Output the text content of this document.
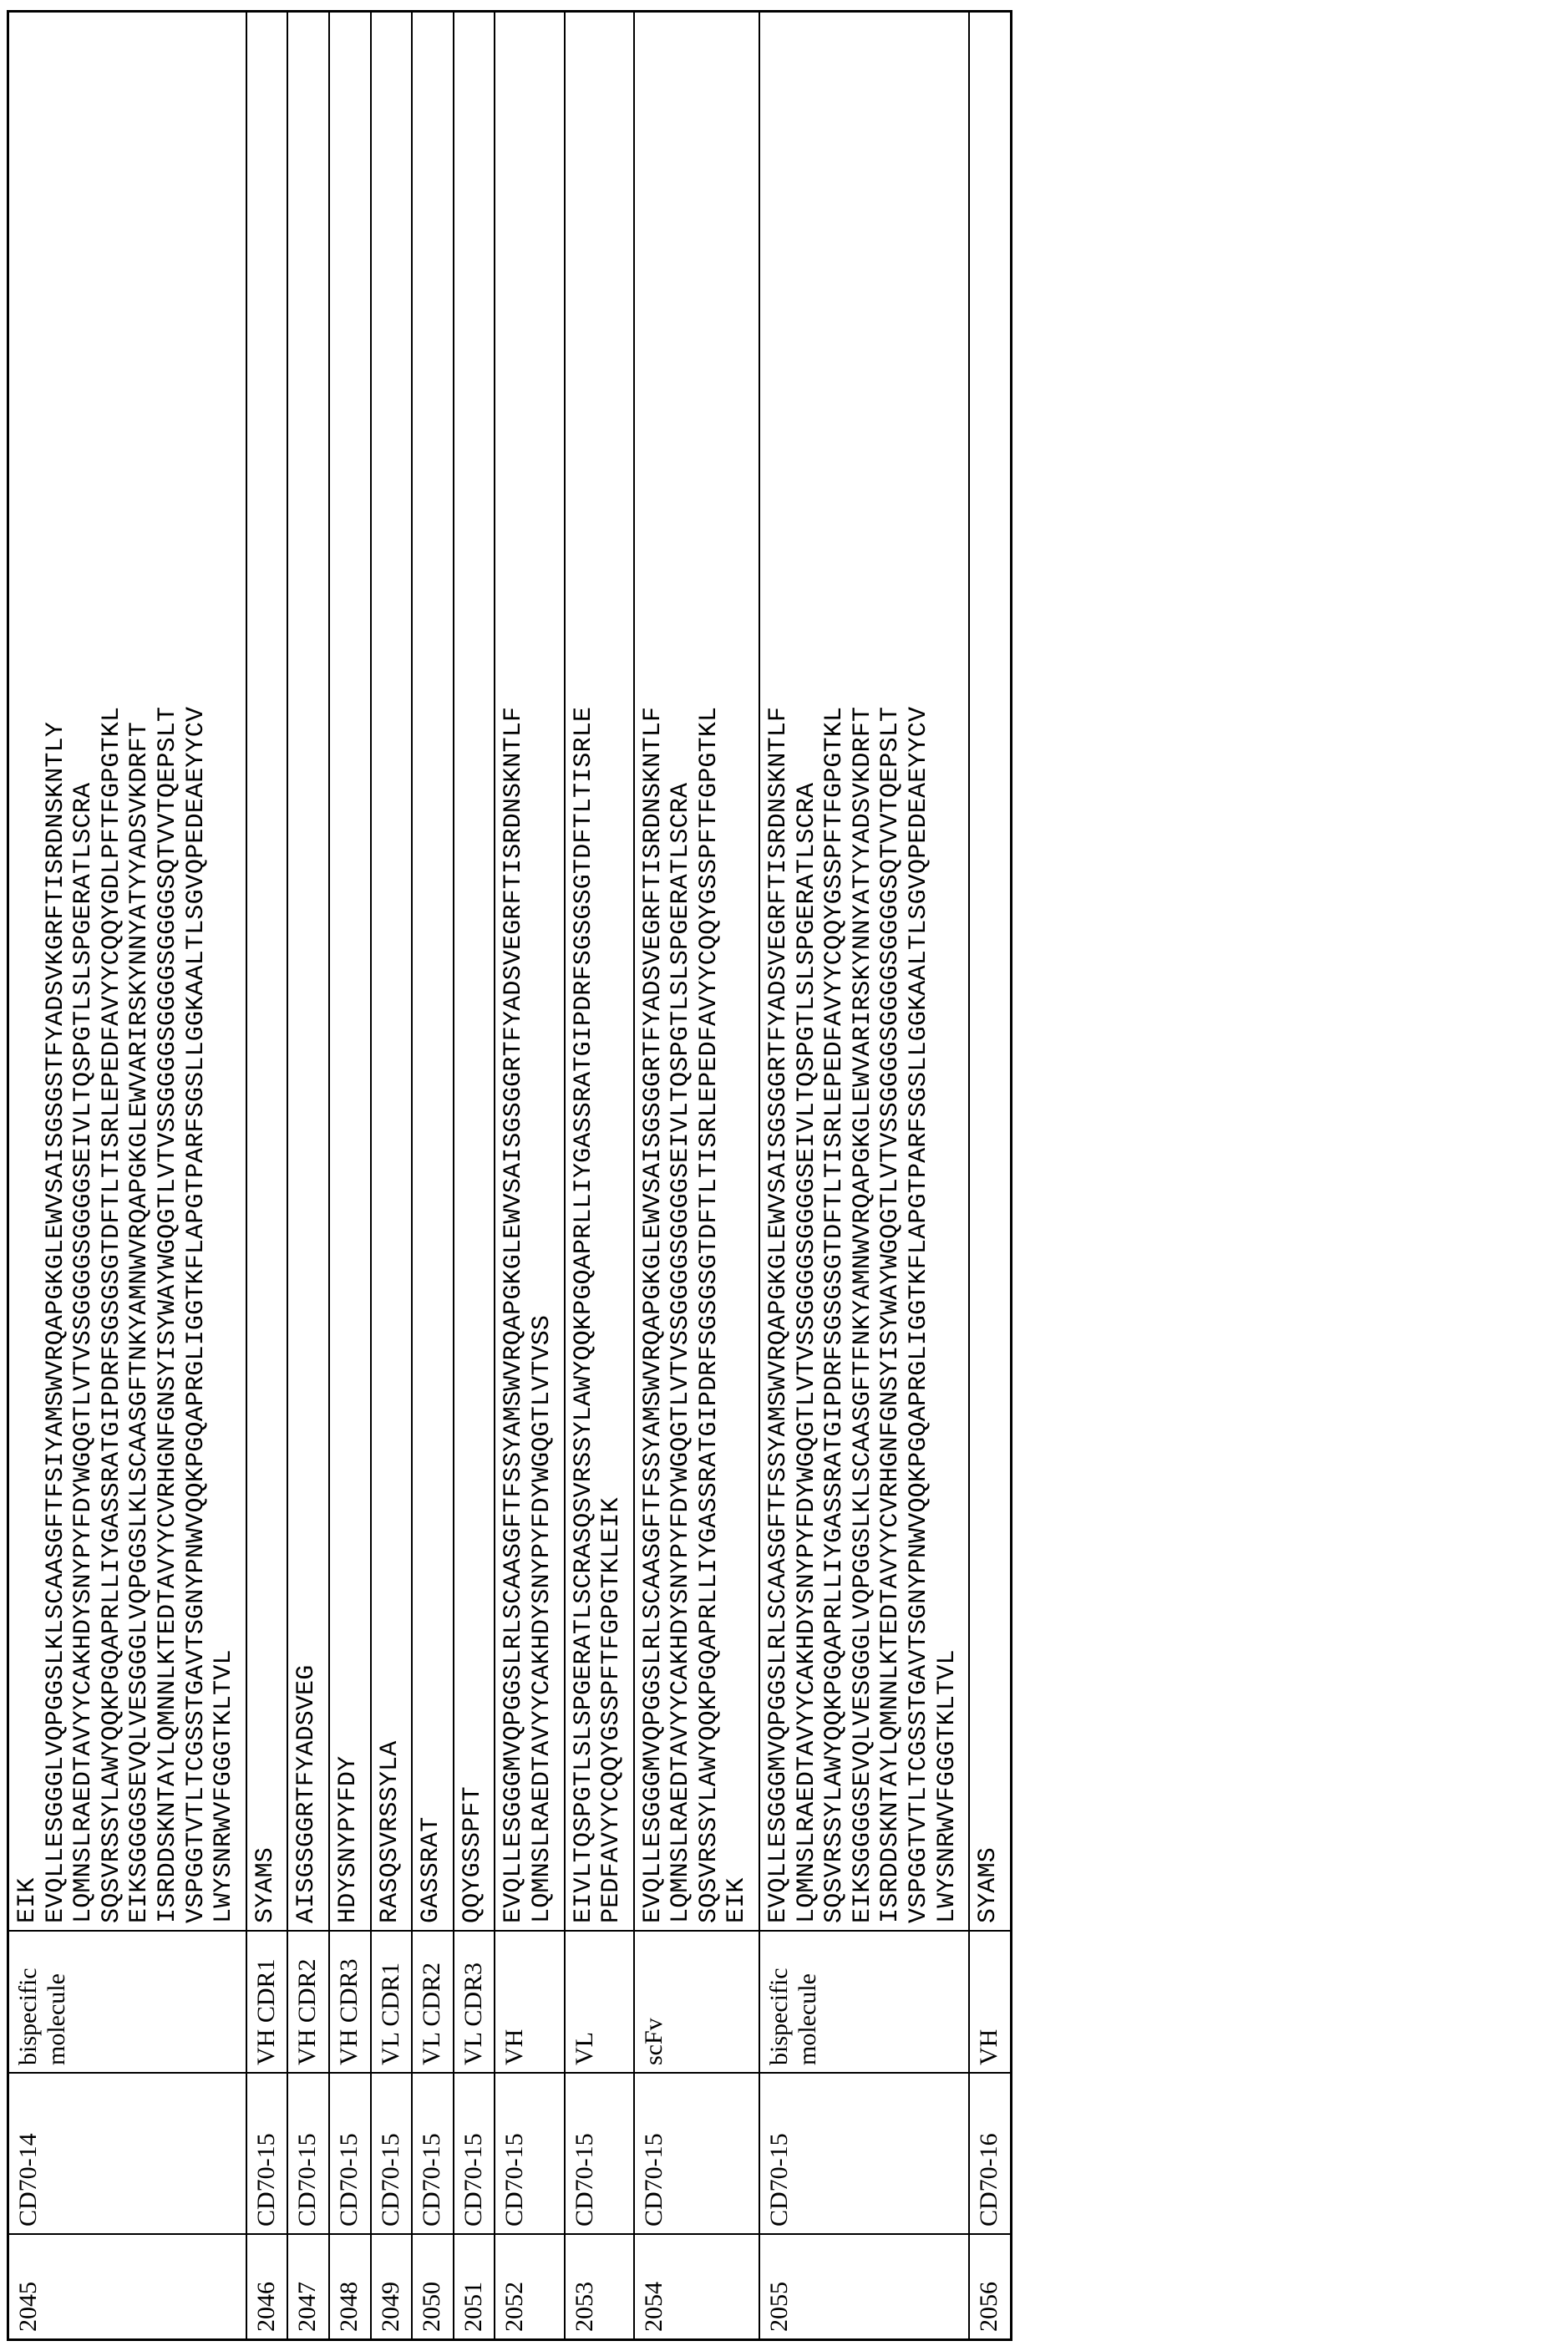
2045	CD70-14	bispecific molecule	EIK
EVQLLESGGGLVQPGGSLKLSCAASGFTFSIYAMSWVRQAPGKGLEWVSAISGSGSTFYADSVKGRFTISRDNSKNTLY
LQMNSLRAEDTAVYYCAKHDYSNYPYFDYWGQGTLVTVSSGGGGSGGGGSEIVLTQSPGTLSLSPGERATLSCRA
SQSVRSSYLAWYQQKPGQAPRLLIYGASSRATGIPDRFSGSGSGTDFTLTISRLEPEDFAVYYCQQYGDLPFTFGPGTKL
EIKSGGGGSEVQLVESGGGLVQPGGSLKLSCAASGFTNKYAMNWVRQAPGKGLEWVARIRSKYNNYATYYADSVKDRFT
ISRDDSKNTAYLQMNNLKTEDTAVYYCVRHGNFGNSYISYWAYWGQGTLVTVSSGGGGSGGGGSGGGGSQTVVTQEPSLT
VSPGGTVTLTCGSSTGAVTSGNYPNWVQQKPGQAPRGLIGGTKFLAPGTPARFSGSLLGGKAALTLSGVQPEDEAEYYCV
LWYSNRWVFGGGTKLTVL
2046	CD70-15	VH CDR1	SYAMS
2047	CD70-15	VH CDR2	AISGSGGRTFYADSVEG
2048	CD70-15	VH CDR3	HDYSNYPYFDY
2049	CD70-15	VL CDR1	RASQSVRSSYLA
2050	CD70-15	VL CDR2	GASSRAT
2051	CD70-15	VL CDR3	QQYGSSPFT
2052	CD70-15	VH	EVQLLESGGGMVQPGGSLRLSCAASGFTFSSYAMSWVRQAPGKGLEWVSAISGSGGRTFYADSVEGRFTISRDNSKNTLF
LQMNSLRAEDTAVYYCAKHDYSNYPYFDYWGQGTLVTVSS
2053	CD70-15	VL	EIVLTQSPGTLSLSPGERATLSCRASQSVRSSYLAWYQQKPGQAPRLLIYGASSRATGIPDRFSGSGSGTDFTLTISRLE
PEDFAVYYCQQYGSSPFTFGPGTKLEIK
2054	CD70-15	scFv	EVQLLESGGGMVQPGGSLRLSCAASGFTFSSYAMSWVRQAPGKGLEWVSAISGSGGRTFYADSVEGRFTISRDNSKNTLF
LQMNSLRAEDTAVYYCAKHDYSNYPYFDYWGQGTLVTVSSGGGGSGGGGSEIVLTQSPGTLSLSPGERATLSCRA
SQSVRSSYLAWYQQKPGQAPRLLIYGASSRATGIPDRFSGSGSGTDFTLTISRLEPEDFAVYYCQQYGSSPFTFGPGTKL
EIK
2055	CD70-15	bispecific molecule	EVQLLESGGGMVQPGGSLRLSCAASGFTFSSYAMSWVRQAPGKGLEWVSAISGSGGRTFYADSVEGRFTISRDNSKNTLF
LQMNSLRAEDTAVYYCAKHDYSNYPYFDYWGQGTLVTVSSGGGGSGGGGSEIVLTQSPGTLSLSPGERATLSCRA
SQSVRSSYLAWYQQKPGQAPRLLIYGASSRATGIPDRFSGSGSGTDFTLTISRLEPEDFAVYYCQQYGSSPFTFGPGTKL
EIKSGGGGSEVQLVESGGGLVQPGGSLKLSCAASGFTFNKYAMNWVRQAPGKGLEWVARIRSKYNNYATYYADSVKDRFT
ISRDDSKNTAYLQMNNLKTEDTAVYYCVRHGNFGNSYISYWAYWGQGTLVTVSSGGGGSGGGGSGGGGSQTVVTQEPSLT
VSPGGTVTLTCGSSTGAVTSGNYPNWVQQKPGQAPRGLIGGTKFLAPGTPARFSGSLLGGKAALTLSGVQPEDEAEYYCV
LWYSNRWVFGGGTKLTVL
2056	CD70-16	VH	SYAMS
